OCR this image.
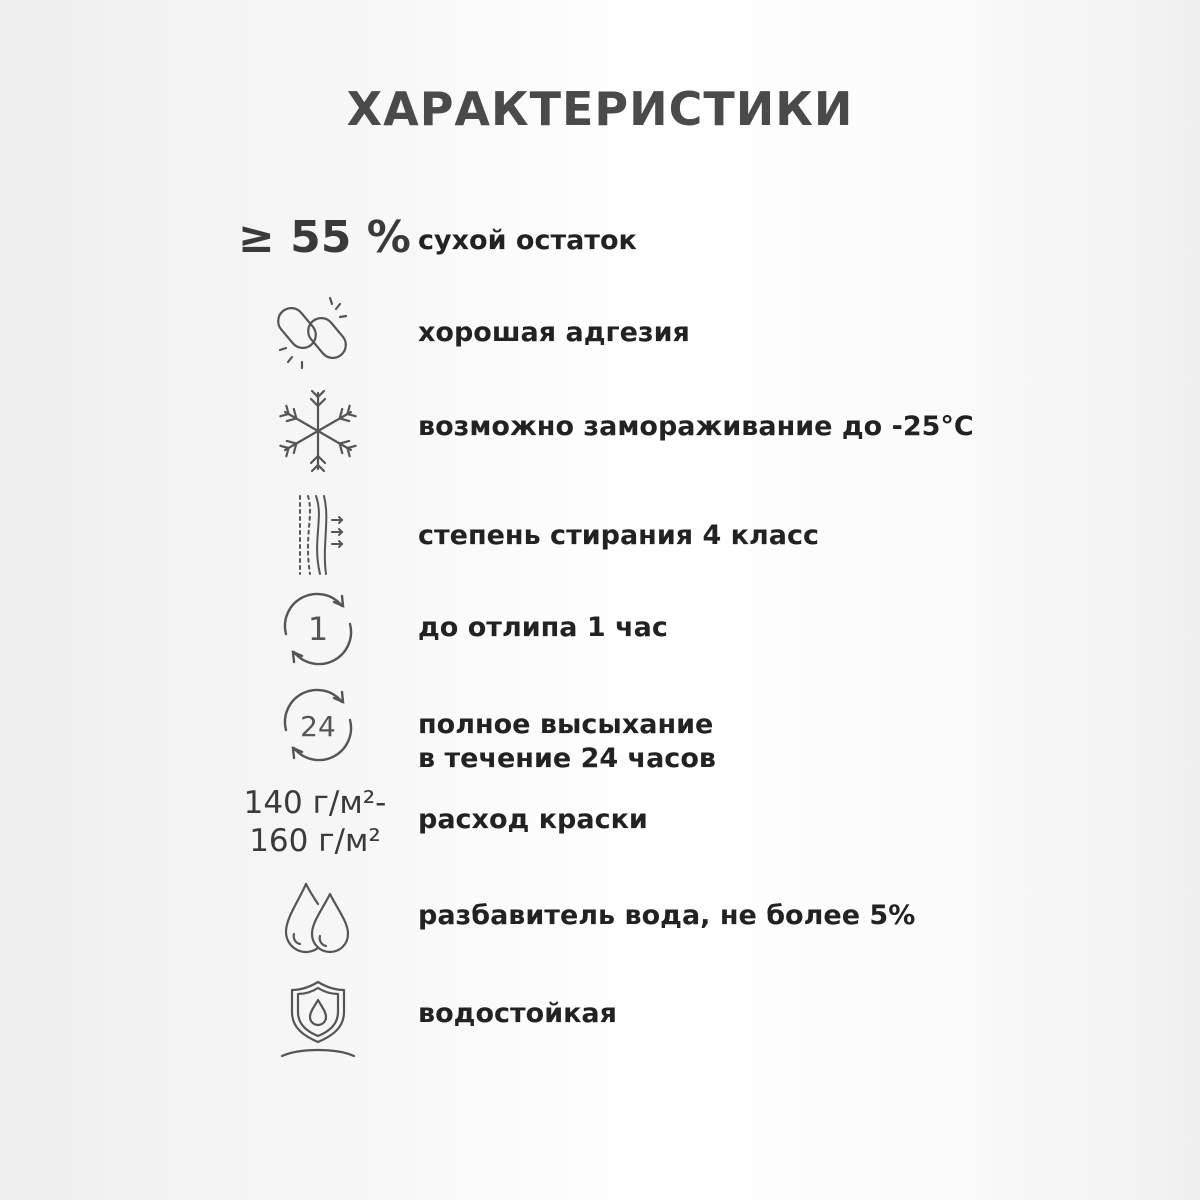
ХАРАКТЕРИСТИКИ
≥ 55 % сухой остаток
хорошая адгезия
возможно замораживание до -25°С
степень стирания 4 класс
1	до отлипа 1 час
24	полное высыхание
в течение 24 часов
140 г/м²-
160 г/м²
расход краски
разбавитель вода, не более 5%
водостойкая
